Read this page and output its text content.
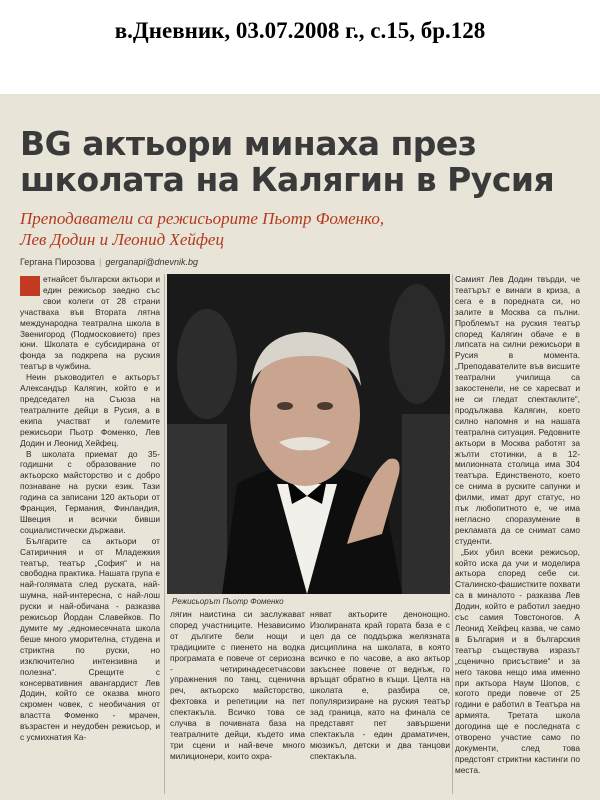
в.Дневник, 03.07.2008 г., с.15, бр.128
BG актьори минаха през
школата на Калягин в Русия
Преподаватели са режисьорите Пьотр Фоменко,
Лев Додин и Леонид Хейфец
Гергана Пирозова | gerganapi@dnevnik.bg

етнайсет български актьори и един режисьор заедно със свои колеги от 28 страни участваха във Втората лятна международна театрална школа в Звенигород (Подмосковието) през юни. Школата е субсидирана от фонда за подкрепа на руския театър в чужбина.

Неин ръководител е актьорът Александър Калягин, който е и председател на Съюза на театралните дейци в Русия, а в екипа участват и големите режисьори Пьотр Фоменко, Лев Додин и Леонид Хейфец.

В школата приемат до 35-годишни с образование по актьорско майсторство и с добро познаване на руски език. Тази година са записани 120 актьори от Франция, Германия, Финландия, Швеция и всички бивши социалистически държави.

Българите са актьори от Сатиричния и от Младежкия театър, театър „София“ и на свободна практика. Нашата група е най-голямата след руската, най-шумна, най-интересна, с най-лош руски и най-обичана - разказва режисьор Йордан Славейков. По думите му „едномесечната школа беше много уморителна, студена и стриктна по руски, но изключително интензивна и полезна“. Срещите с консервативния авангардист Лев Додин, който се оказва много скромен човек, с необичания от властта Фоменко - мрачен, възрастен и неудобен режисьор, и с усмихнатия Ка-

Режисьорът Пьотр Фоменко

лягин наистина си заслужават според участниците. Независимо от дългите бели нощи и традициите с пиенето на водка програмата е повече от сериозна - четиринадесетчасови упражнения по танц, сценична реч, актьорско майсторство, фехтовка и репетиции на пет спектакъла. Всичко това се случва в почивната база на театралните дейци, където има три сцени и най-вече много милиционери, които охра-

няват актьорите денонощно. Изолираната край гората база е с цел да се поддържа желязната дисциплина на школата, в която всичко е по часове, а ако актьор закъснее повече от веднъж, го връщат обратно в къщи. Целта на школата е, разбира се, популяризиране на руския театър зад граница, като на финала се представят пет завършени спектакъла - един драматичен, мюзикъл, детски и два танцови спектакъла.

Самият Лев Додин твърди, че театърът е винаги в криза, а сега е в поредната си, но залите в Москва са пълни. Проблемът на руския театър според Калягин обаче е в липсата на силни режисьори в Русия в момента. „Преподавателите във висшите театрални училища са закостенели, не се харесват и не си гледат спектаклите“, продължава Калягин, което силно напомня и на нашата театрална ситуация. Редовните актьори в Москва работят за жълти стотинки, а в 12-милионната столица има 304 театъра. Единственото, което се снима в руските сапунки и филми, имат друг статус, но пък любопитното е, че има негласно споразумение в рекламата да се снимат само студенти.

„Бих убил всеки режисьор, който иска да учи и моделира актьора според себе си. Сталинско-фашистките похвати са в миналото - разказва Лев Додин, който е работил заедно със самия Товстоногов. А Леонид Хейфец казва, че само в България и в българския театър съществува изразът „сценично присъствие“ и за него такова нещо има именно при актьора Наум Шопов, с когото преди повече от 25 години е работил в Театъра на армията. Третата школа догодина ще е последната с отворено участие само по документи, след това предстоят стриктни кастинги по места.
